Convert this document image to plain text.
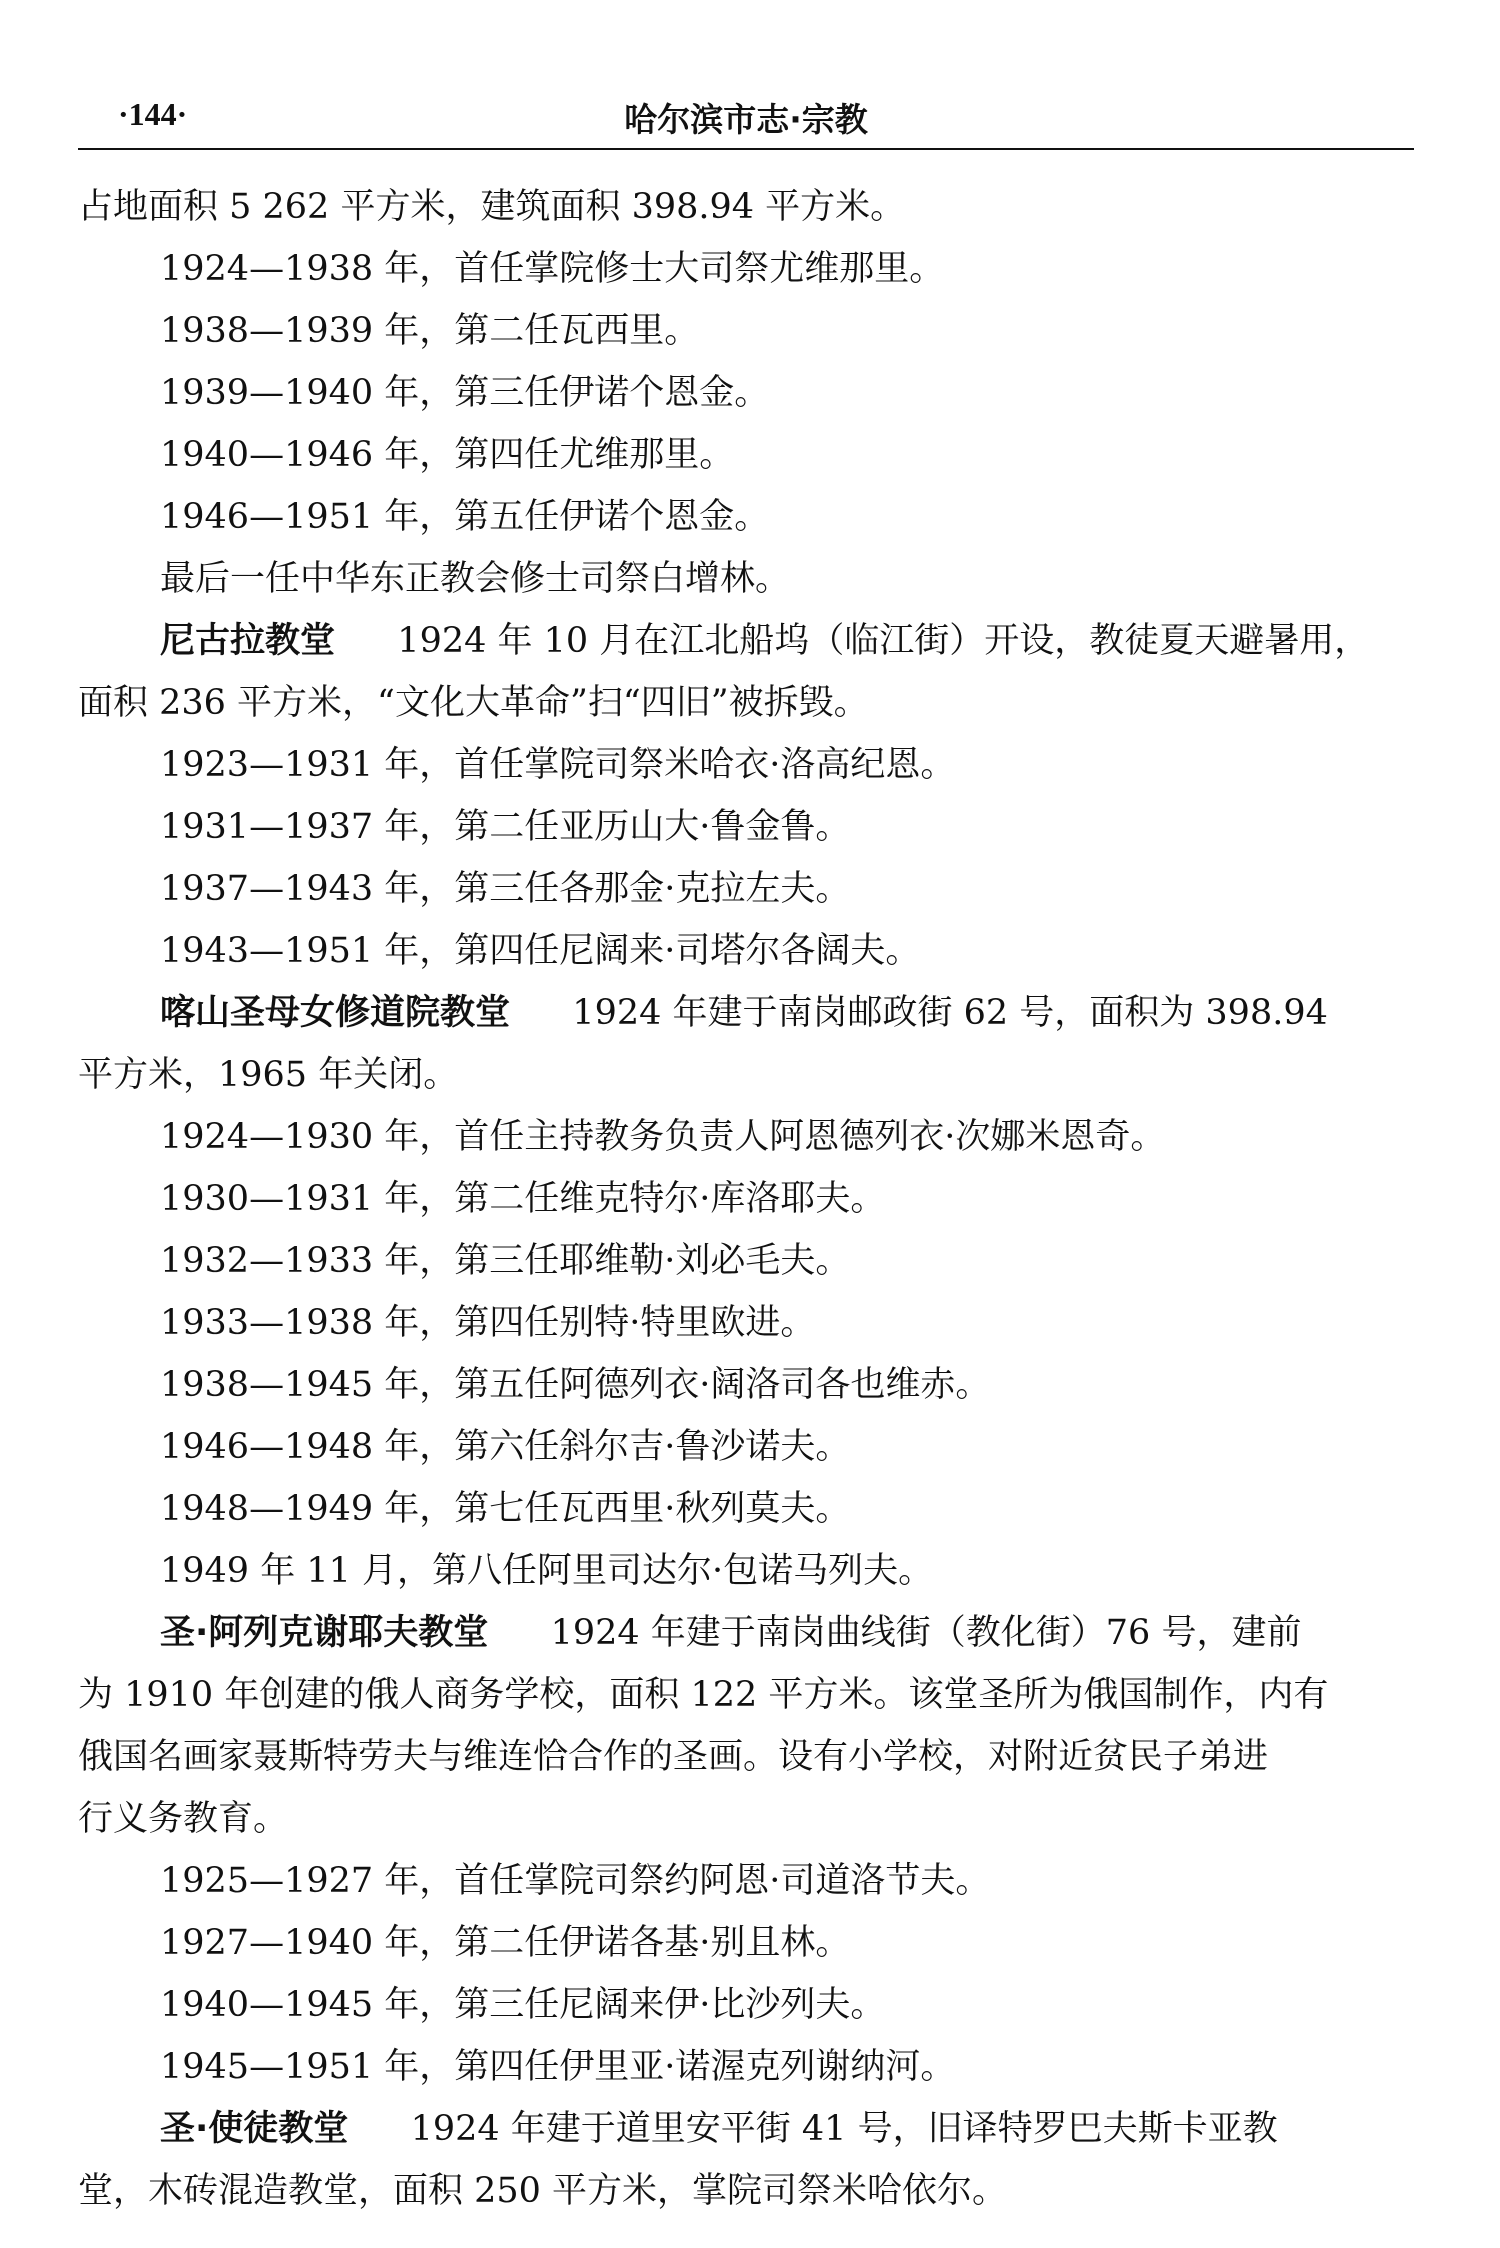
·144·	哈尔滨市志·宗教
占地面积 5 262 平方米，建筑面积 398.94 平方米。
1924—1938 年，首任掌院修士大司祭尤维那里。
1938—1939 年，第二任瓦西里。
1939—1940 年，第三任伊诺个恩金。
1940—1946 年，第四任尤维那里。
1946—1951 年，第五任伊诺个恩金。
最后一任中华东正教会修士司祭白增林。
尼古拉教堂 1924 年 10 月在江北船坞（临江街）开设，教徒夏天避暑用，
面积 236 平方米，“文化大革命”扫“四旧”被拆毁。
1923—1931 年，首任掌院司祭米哈衣·洛高纪恩。
1931—1937 年，第二任亚历山大·鲁金鲁。
1937—1943 年，第三任各那金·克拉左夫。
1943—1951 年，第四任尼阔来·司塔尔各阔夫。
喀山圣母女修道院教堂 1924 年建于南岗邮政街 62 号，面积为 398.94
平方米，1965 年关闭。
1924—1930 年，首任主持教务负责人阿恩德列衣·次娜米恩奇。
1930—1931 年，第二任维克特尔·库洛耶夫。
1932—1933 年，第三任耶维勒·刘必毛夫。
1933—1938 年，第四任别特·特里欧进。
1938—1945 年，第五任阿德列衣·阔洛司各也维赤。
1946—1948 年，第六任斜尔吉·鲁沙诺夫。
1948—1949 年，第七任瓦西里·秋列莫夫。
1949 年 11 月，第八任阿里司达尔·包诺马列夫。
圣·阿列克谢耶夫教堂 1924 年建于南岗曲线街（教化街）76 号，建前
为 1910 年创建的俄人商务学校，面积 122 平方米。该堂圣所为俄国制作，内有
俄国名画家聂斯特劳夫与维连恰合作的圣画。设有小学校，对附近贫民子弟进
行义务教育。
1925—1927 年，首任掌院司祭约阿恩·司道洛节夫。
1927—1940 年，第二任伊诺各基·别且林。
1940—1945 年，第三任尼阔来伊·比沙列夫。
1945—1951 年，第四任伊里亚·诺渥克列谢纳河。
圣·使徒教堂 1924 年建于道里安平街 41 号，旧译特罗巴夫斯卡亚教
堂，木砖混造教堂，面积 250 平方米，掌院司祭米哈依尔。
